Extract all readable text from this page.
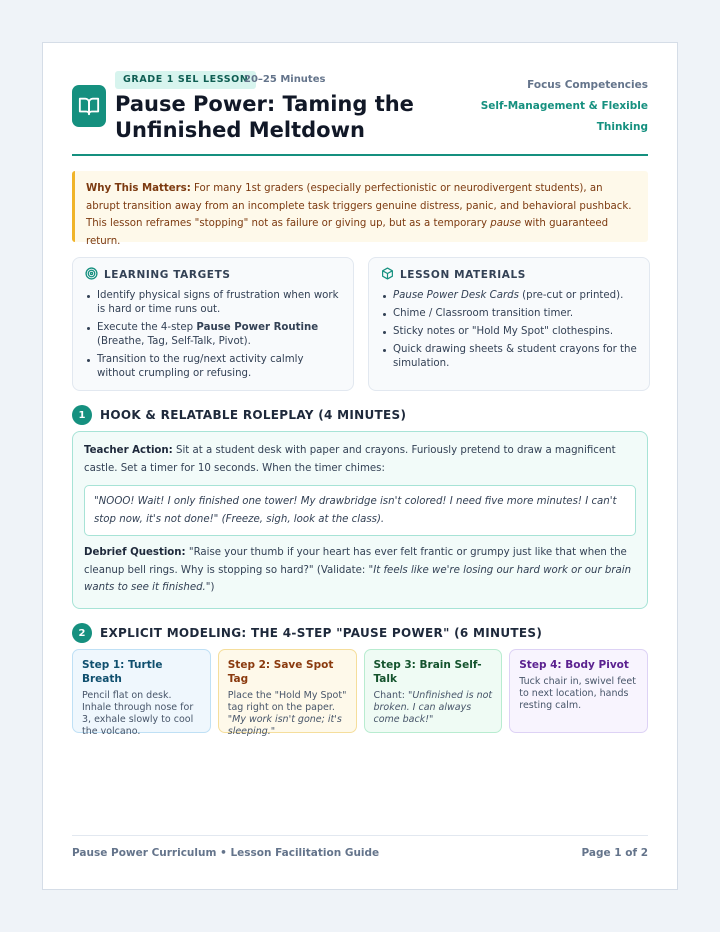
GRADE 1 SEL LESSON
20–25 Minutes
Pause Power: Taming the Unfinished Meltdown
Focus Competencies
Self-Management & Flexible Thinking
Why This Matters: For many 1st graders (especially perfectionistic or neurodivergent students), an abrupt transition away from an incomplete task triggers genuine distress, panic, and behavioral pushback. This lesson reframes "stopping" not as failure or giving up, but as a temporary pause with guaranteed return.
LEARNING TARGETS
Identify physical signs of frustration when work is hard or time runs out.
Execute the 4-step Pause Power Routine (Breathe, Tag, Self-Talk, Pivot).
Transition to the rug/next activity calmly without crumpling or refusing.
LESSON MATERIALS
Pause Power Desk Cards (pre-cut or printed).
Chime / Classroom transition timer.
Sticky notes or "Hold My Spot" clothespins.
Quick drawing sheets & student crayons for the simulation.
1	HOOK & RELATABLE ROLEPLAY (4 MINUTES)
Teacher Action: Sit at a student desk with paper and crayons. Furiously pretend to draw a magnificent castle. Set a timer for 10 seconds. When the timer chimes:
"NOOO! Wait! I only finished one tower! My drawbridge isn't colored! I need five more minutes! I can't stop now, it's not done!" (Freeze, sigh, look at the class).
Debrief Question: "Raise your thumb if your heart has ever felt frantic or grumpy just like that when the cleanup bell rings. Why is stopping so hard?" (Validate: "It feels like we're losing our hard work or our brain wants to see it finished.")
2	EXPLICIT MODELING: THE 4-STEP "PAUSE POWER" (6 MINUTES)
Step 1: Turtle Breath
Pencil flat on desk. Inhale through nose for 3, exhale slowly to cool the volcano.
Step 2: Save Spot Tag
Place the "Hold My Spot" tag right on the paper. "My work isn't gone; it's sleeping."
Step 3: Brain Self-Talk
Chant: "Unfinished is not broken. I can always come back!"
Step 4: Body Pivot
Tuck chair in, swivel feet to next location, hands resting calm.
Pause Power Curriculum • Lesson Facilitation Guide	Page 1 of 2
